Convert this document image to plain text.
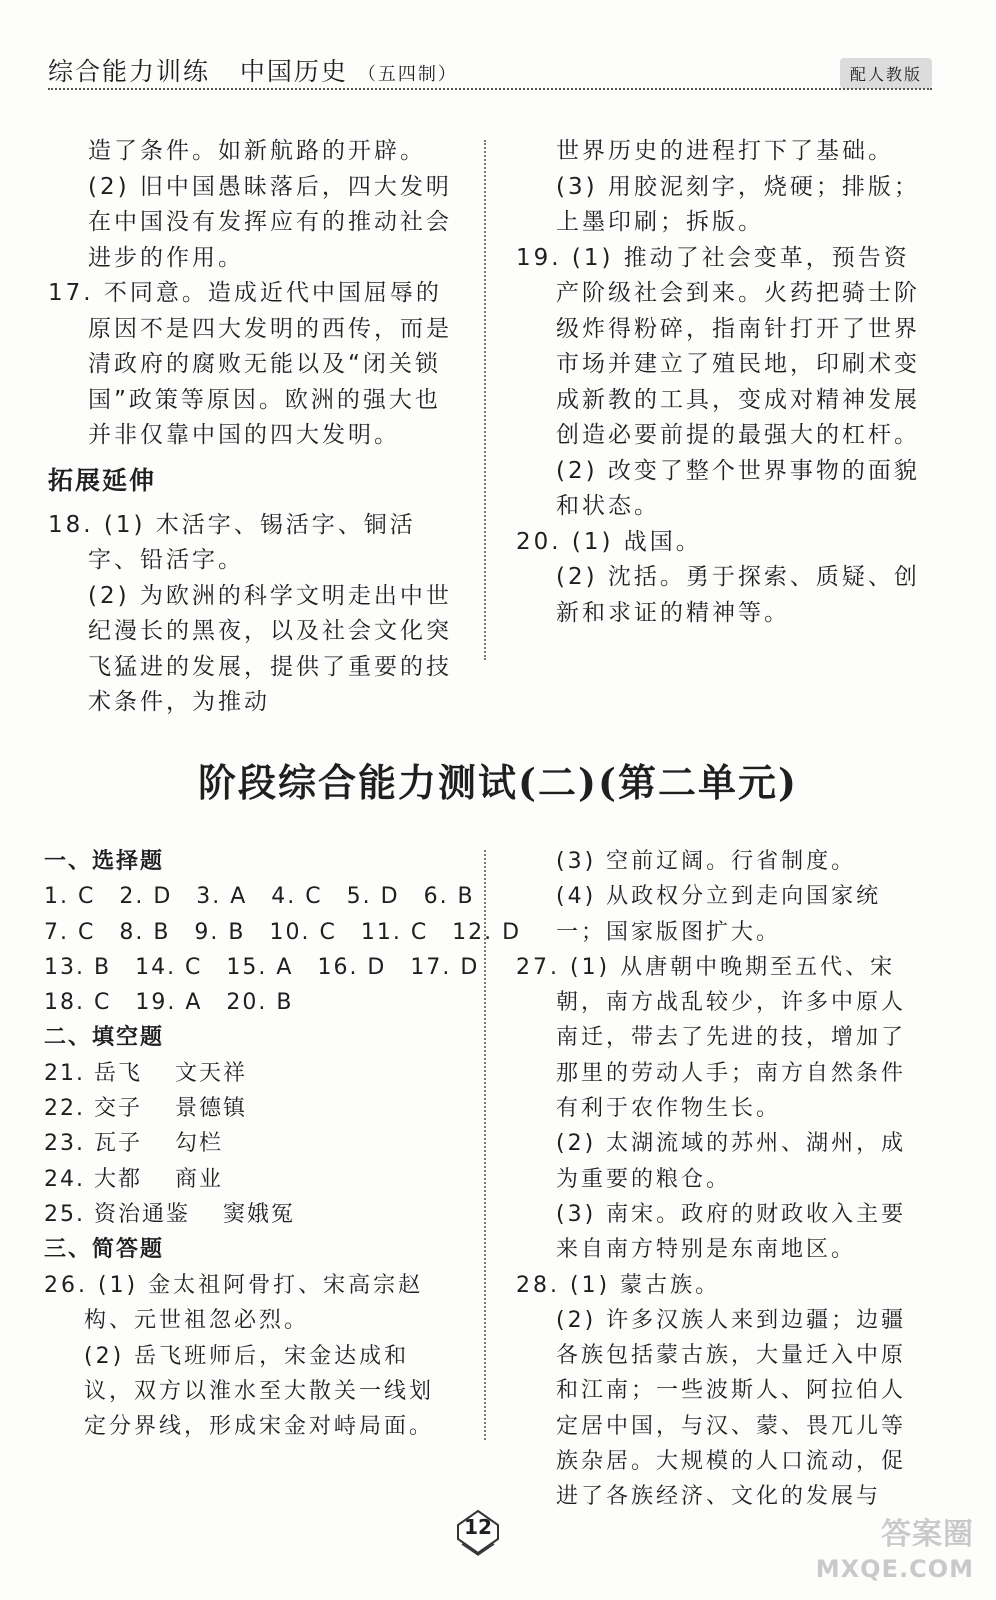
综合能力训练 中国历史 （五四制）	配人教版

造了条件。如新航路的开辟。

(2) 旧中国愚昧落后，四大发明在中国没有发挥应有的推动社会进步的作用。

17. 不同意。造成近代中国屈辱的原因不是四大发明的西传，而是清政府的腐败无能以及“闭关锁国”政策等原因。欧洲的强大也并非仅靠中国的四大发明。

拓展延伸

18. (1) 木活字、锡活字、铜活字、铅活字。

(2) 为欧洲的科学文明走出中世纪漫长的黑夜，以及社会文化突飞猛进的发展，提供了重要的技术条件，为推动

世界历史的进程打下了基础。

(3) 用胶泥刻字，烧硬；排版；上墨印刷；拆版。

19. (1) 推动了社会变革，预告资产阶级社会到来。火药把骑士阶级炸得粉碎，指南针打开了世界市场并建立了殖民地，印刷术变成新教的工具，变成对精神发展创造必要前提的最强大的杠杆。

(2) 改变了整个世界事物的面貌和状态。

20. (1) 战国。

(2) 沈括。勇于探索、质疑、创新和求证的精神等。

阶段综合能力测试(二)(第二单元)

一、选择题

1. C　2. D　3. A　4. C　5. D　6. B

7. C　8. B　9. B　10. C　11. C　12. D

13. B　14. C　15. A　16. D　17. D

18. C　19. A　20. B

二、填空题

21. 岳飞　 文天祥

22. 交子　 景德镇

23. 瓦子　 勾栏

24. 大都　 商业

25. 资治通鉴　 窦娥冤

三、简答题

26. (1) 金太祖阿骨打、宋高宗赵构、元世祖忽必烈。

(2) 岳飞班师后，宋金达成和议，双方以淮水至大散关一线划定分界线，形成宋金对峙局面。

(3) 空前辽阔。行省制度。

(4) 从政权分立到走向国家统一；国家版图扩大。

27. (1) 从唐朝中晚期至五代、宋朝，南方战乱较少，许多中原人南迁，带去了先进的技，增加了那里的劳动人手；南方自然条件有利于农作物生长。

(2) 太湖流域的苏州、湖州，成为重要的粮仓。

(3) 南宋。政府的财政收入主要来自南方特别是东南地区。

28. (1) 蒙古族。

(2) 许多汉族人来到边疆；边疆各族包括蒙古族，大量迁入中原和江南；一些波斯人、阿拉伯人定居中国，与汉、蒙、畏兀儿等族杂居。大规模的人口流动，促进了各族经济、文化的发展与

12	答案圈
MXQE.COM
